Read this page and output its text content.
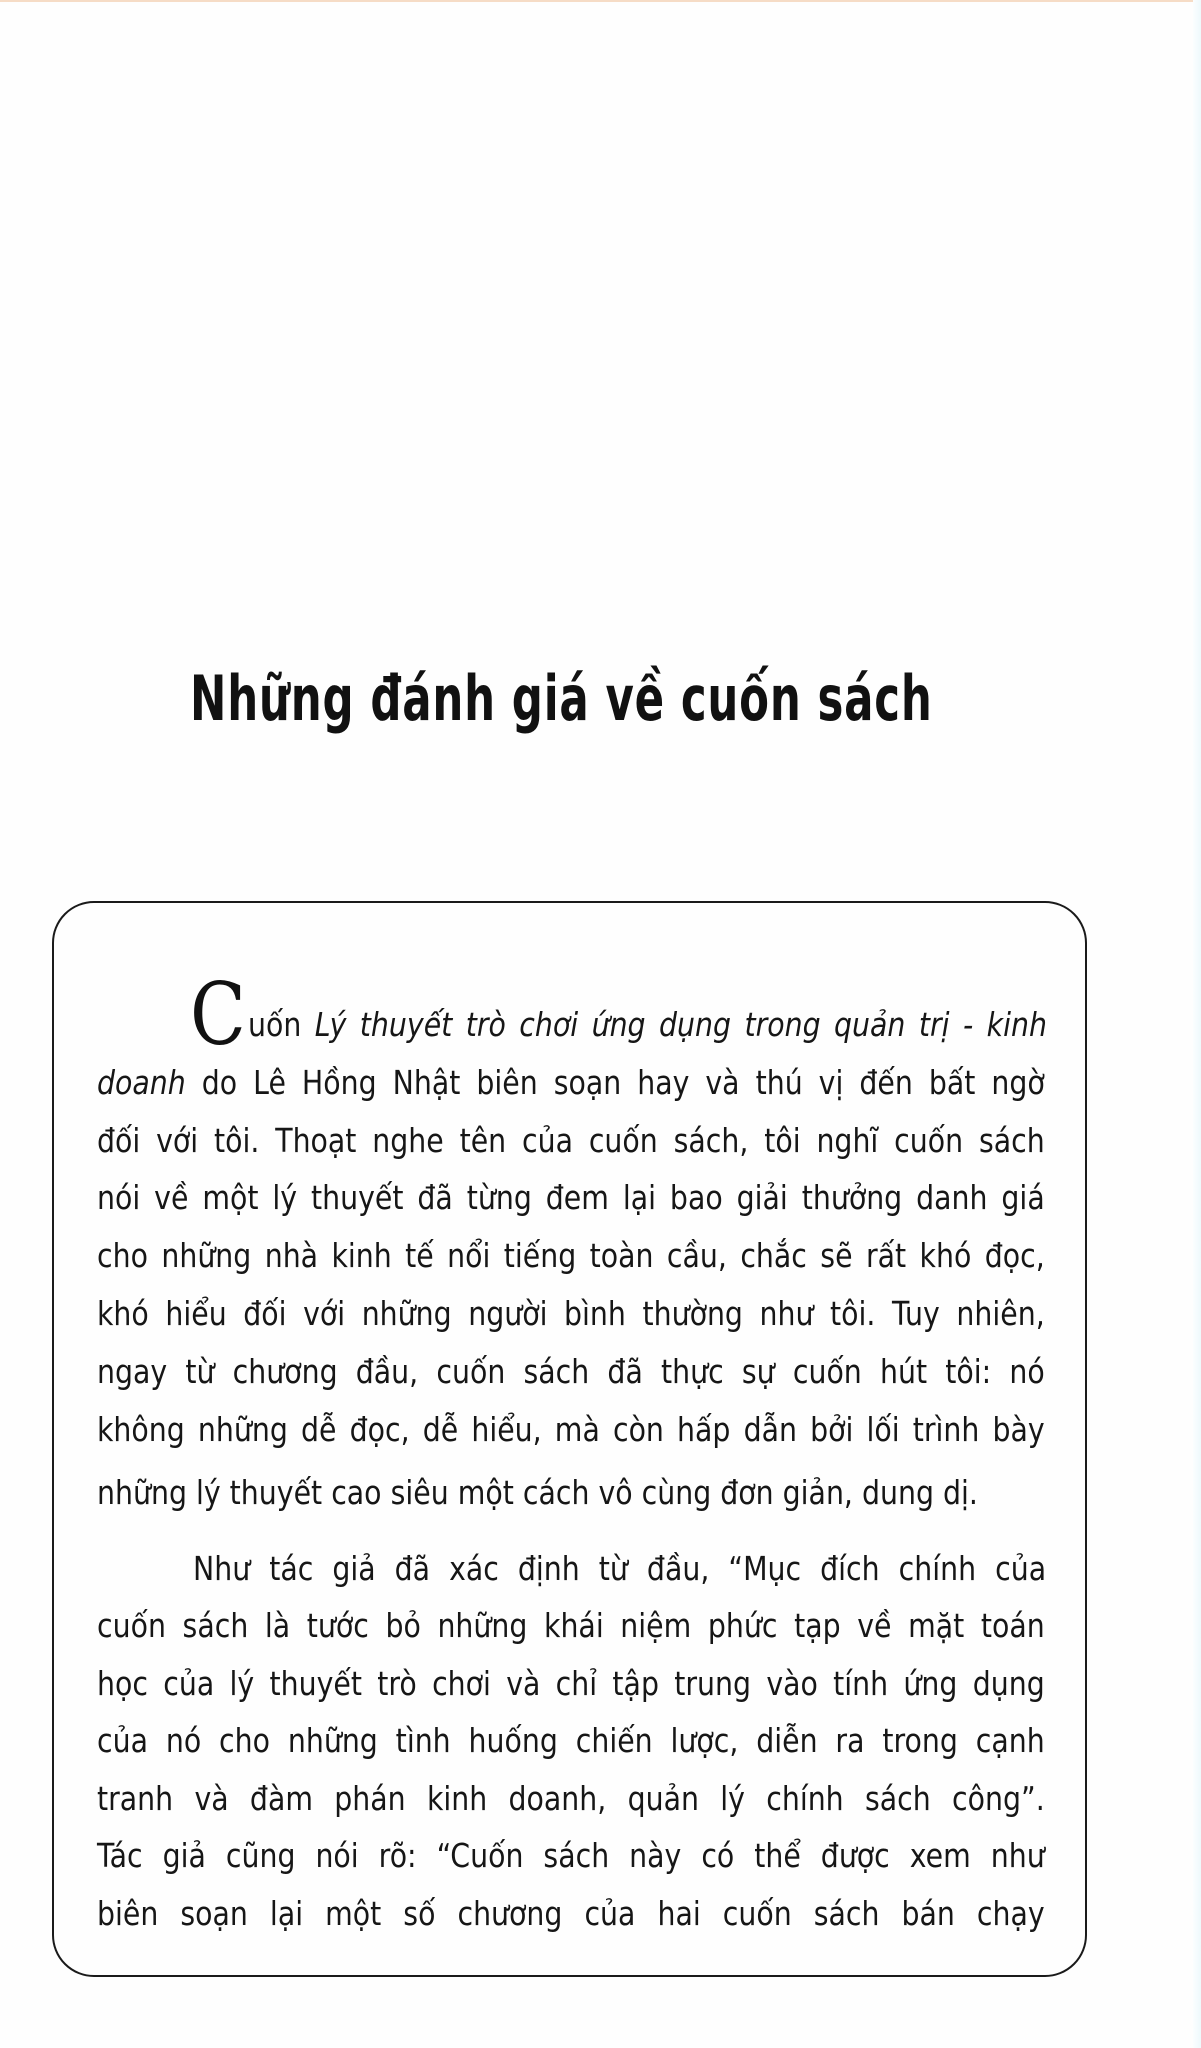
Những đánh giá về cuốn sách
C uốn Lý thuyết trò chơi ứng dụng trong quản trị - kinh
doanh do Lê Hồng Nhật biên soạn hay và thú vị đến bất ngờ
đối với tôi. Thoạt nghe tên của cuốn sách, tôi nghĩ cuốn sách
nói về một lý thuyết đã từng đem lại bao giải thưởng danh giá
cho những nhà kinh tế nổi tiếng toàn cầu, chắc sẽ rất khó đọc,
khó hiểu đối với những người bình thường như tôi. Tuy nhiên,
ngay từ chương đầu, cuốn sách đã thực sự cuốn hút tôi: nó
không những dễ đọc, dễ hiểu, mà còn hấp dẫn bởi lối trình bày
những lý thuyết cao siêu một cách vô cùng đơn giản, dung dị.
Như tác giả đã xác định từ đầu, “Mục đích chính của
cuốn sách là tước bỏ những khái niệm phức tạp về mặt toán
học của lý thuyết trò chơi và chỉ tập trung vào tính ứng dụng
của nó cho những tình huống chiến lược, diễn ra trong cạnh
tranh và đàm phán kinh doanh, quản lý chính sách công”.
Tác giả cũng nói rõ: “Cuốn sách này có thể được xem như
biên soạn lại một số chương của hai cuốn sách bán chạy
